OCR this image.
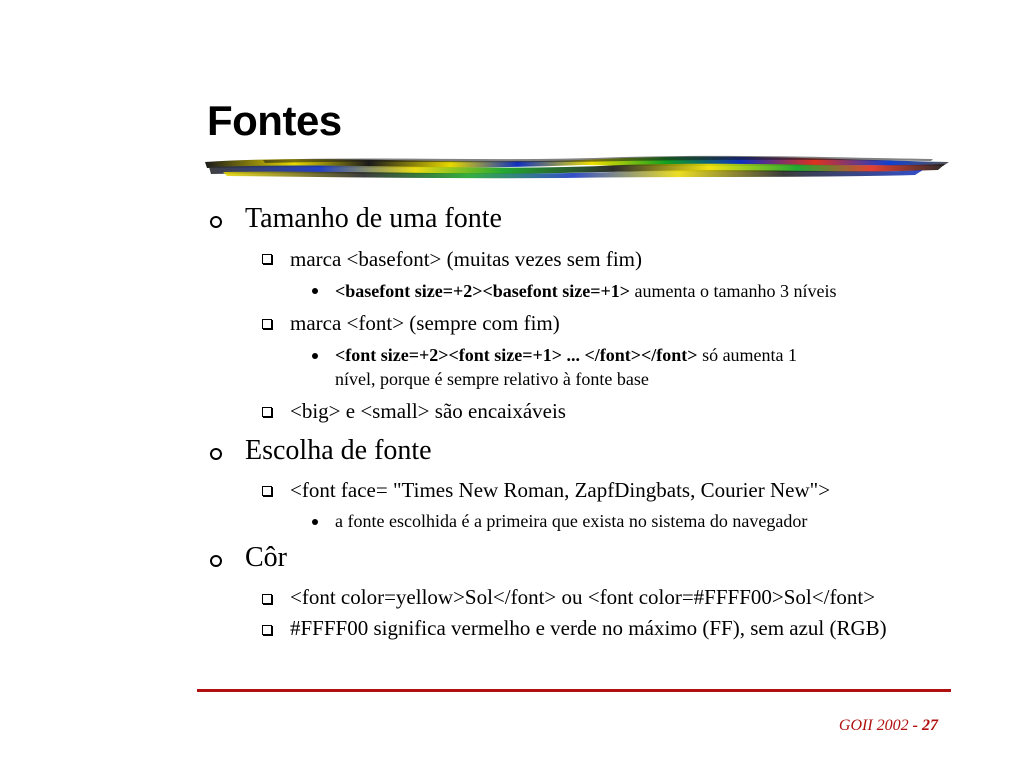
Fontes
Tamanho de uma fonte
marca <basefont> (muitas vezes sem fim)
<basefont size=+2><basefont size=+1> aumenta o tamanho 3 níveis
marca <font> (sempre com fim)
<font size=+2><font size=+1> ... </font></font> só aumenta 1
nível, porque é sempre relativo à fonte base
<big> e <small> são encaixáveis
Escolha de fonte
<font face= "Times New Roman, ZapfDingbats, Courier New">
a fonte escolhida é a primeira que exista no sistema do navegador
Côr
<font color=yellow>Sol</font> ou <font color=#FFFF00>Sol</font>
#FFFF00 significa vermelho e verde no máximo (FF), sem azul (RGB)
GOII 2002 - 27
